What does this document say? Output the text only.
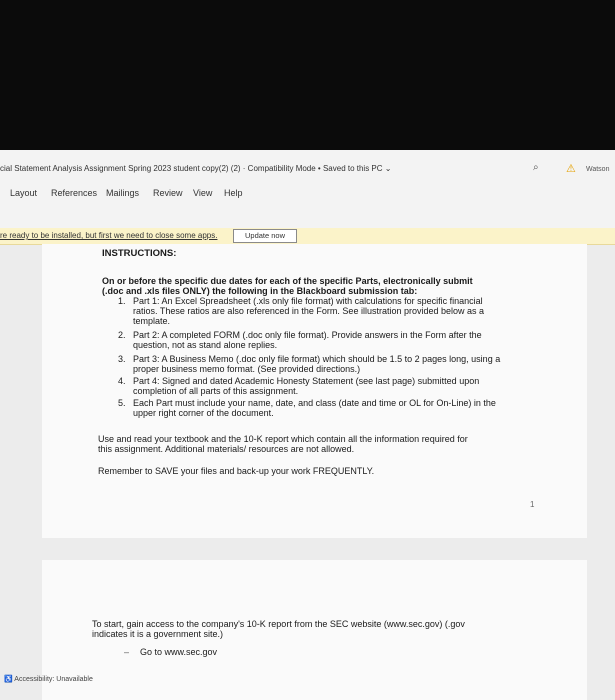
cial Statement Analysis Assignment Spring 2023 student copy(2) (2) · Compatibility Mode • Saved to this PC ⌄	⌕ ⚠ Watson
Layout References Mailings Review View Help
re ready to be installed, but first we need to close some apps.	Update now
INSTRUCTIONS:
On or before the specific due dates for each of the specific Parts, electronically submit
(.doc and .xls files ONLY) the following in the Blackboard submission tab:
1. Part 1: An Excel Spreadsheet (.xls only file format) with calculations for specific financial
ratios. These ratios are also referenced in the Form. See illustration provided below as a
template.
2. Part 2: A completed FORM (.doc only file format). Provide answers in the Form after the
question, not as stand alone replies.
3. Part 3: A Business Memo (.doc only file format) which should be 1.5 to 2 pages long, using a
proper business memo format. (See provided directions.)
4. Part 4: Signed and dated Academic Honesty Statement (see last page) submitted upon
completion of all parts of this assignment.
5. Each Part must include your name, date, and class (date and time or OL for On-Line) in the
upper right corner of the document.
Use and read your textbook and the 10-K report which contain all the information required for
this assignment. Additional materials/ resources are not allowed.
Remember to SAVE your files and back-up your work FREQUENTLY.
1
To start, gain access to the company's 10-K report from the SEC website (www.sec.gov) (.gov
indicates it is a government site.)
– Go to www.sec.gov
♿ Accessibility: Unavailable
